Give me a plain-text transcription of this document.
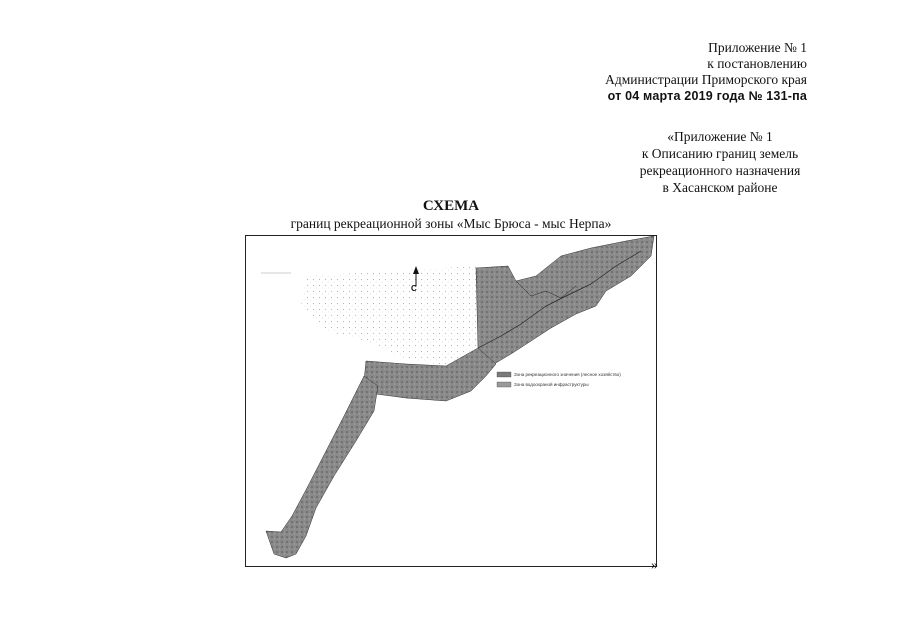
Приложение № 1
к постановлению
Администрации Приморского края
от 04 марта 2019 года № 131-па
«Приложение № 1
к Описанию границ земель
рекреационного назначения
в Хасанском районе
СХЕМА
границ рекреационной зоны «Мыс Брюса - мыс Нерпа»
С
Зона рекреационного значения (лесное хозяйство)
Зона водоохраной инфраструктуры
»
